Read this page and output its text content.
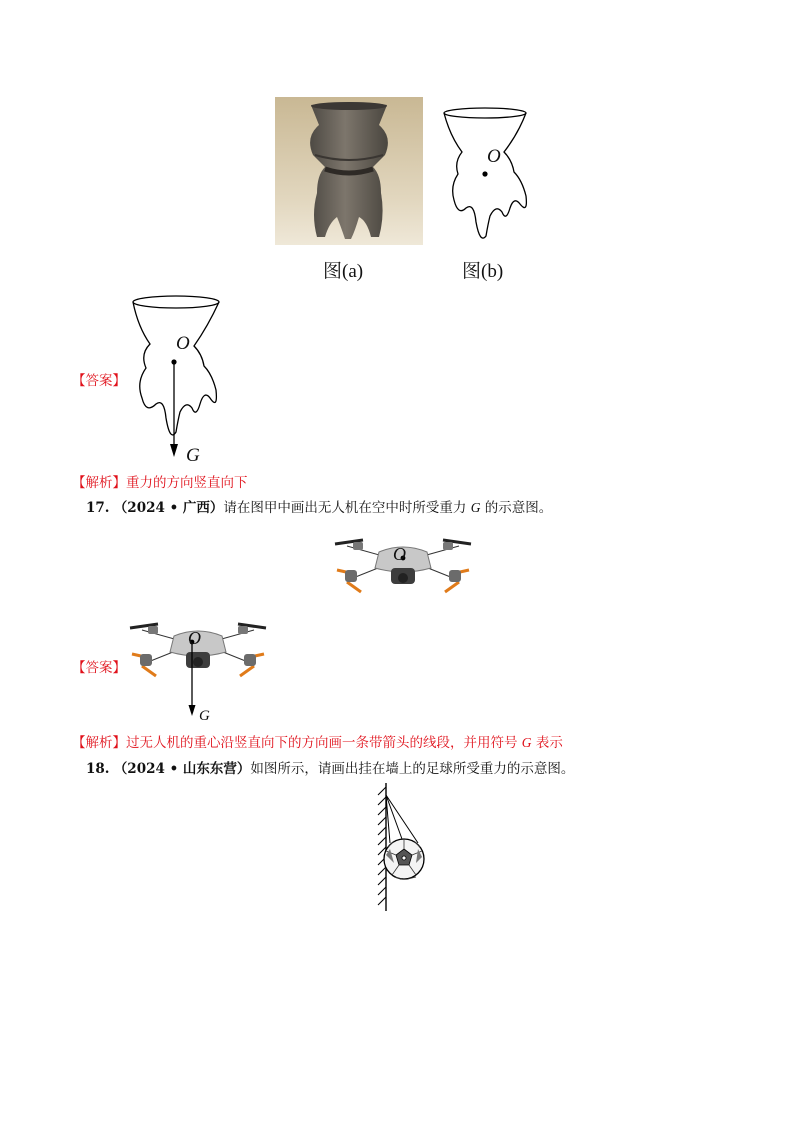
图(a)
O
图(b)
O
G
【答案】
【解析】重力的方向竖直向下
17. （2024 • 广西）请在图甲中画出无人机在空中时所受重力 G 的示意图。
O
O
G
【答案】
【解析】过无人机的重心沿竖直向下的方向画一条带箭头的线段，并用符号 G 表示
18. （2024 • 山东东营）如图所示，请画出挂在墙上的足球所受重力的示意图。
